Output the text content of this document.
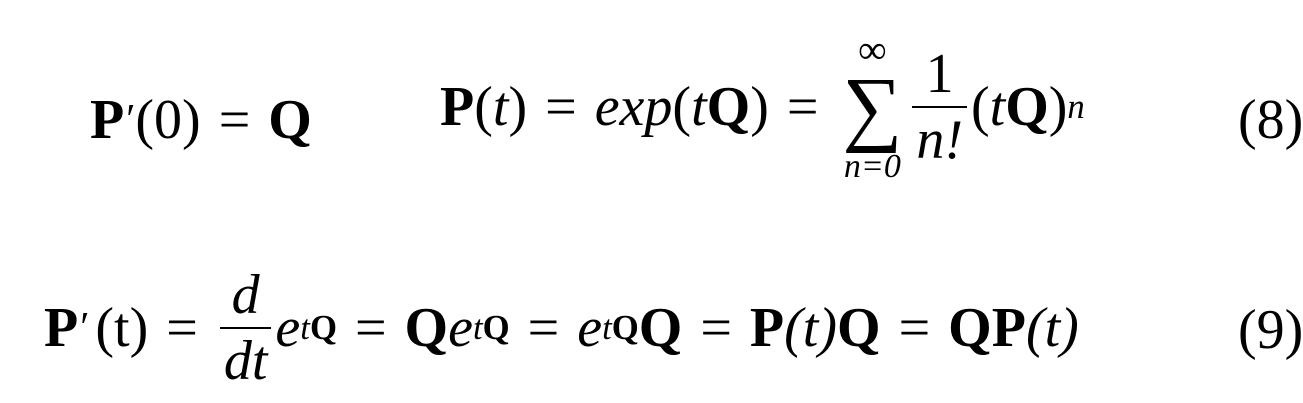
P ′ (0) = Q P ( t ) = exp ( t Q ) =
∞
∑
$n=0 \frac{1}{n!}$ ( t Q ) n	(8)
P ′ $(t) = \frac{d}{dt}$ e tQ = Q e tQ = e tQ Q = P (t) Q = Q P (t)	(9)
